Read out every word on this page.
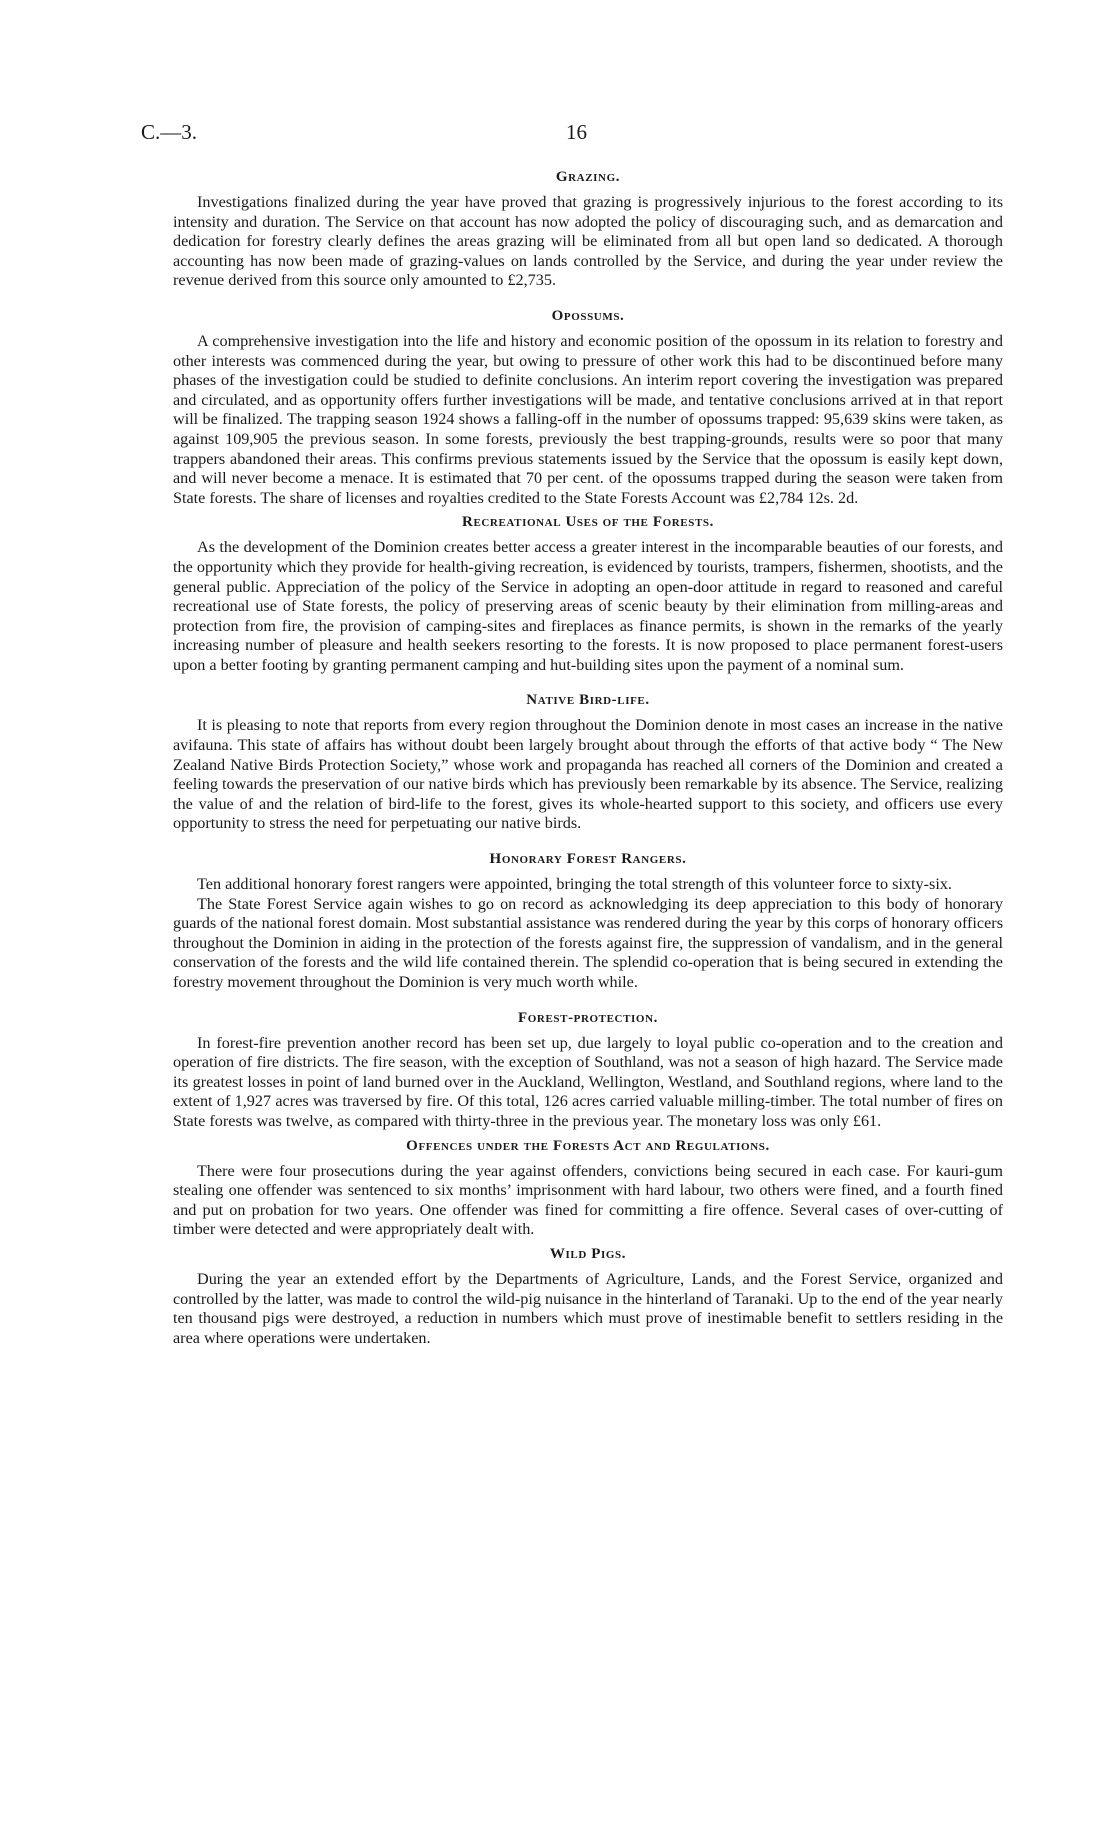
C.—3.	16
Grazing.

Investigations finalized during the year have proved that grazing is progressively injurious to the forest according to its intensity and duration. The Service on that account has now adopted the policy of discouraging such, and as demarcation and dedication for forestry clearly defines the areas grazing will be eliminated from all but open land so dedicated. A thorough accounting has now been made of grazing-values on lands controlled by the Service, and during the year under review the revenue derived from this source only amounted to £2,735.

Opossums.

A comprehensive investigation into the life and history and economic position of the opossum in its relation to forestry and other interests was commenced during the year, but owing to pressure of other work this had to be discontinued before many phases of the investigation could be studied to definite conclusions. An interim report covering the investigation was prepared and circulated, and as opportunity offers further investigations will be made, and tentative conclusions arrived at in that report will be finalized. The trapping season 1924 shows a falling-off in the number of opossums trapped: 95,639 skins were taken, as against 109,905 the previous season. In some forests, previously the best trapping-grounds, results were so poor that many trappers abandoned their areas. This confirms previous statements issued by the Service that the opossum is easily kept down, and will never become a menace. It is estimated that 70 per cent. of the opossums trapped during the season were taken from State forests. The share of licenses and royalties credited to the State Forests Account was £2,784 12s. 2d.

Recreational Uses of the Forests.

As the development of the Dominion creates better access a greater interest in the incomparable beauties of our forests, and the opportunity which they provide for health-giving recreation, is evidenced by tourists, trampers, fishermen, shootists, and the general public. Appreciation of the policy of the Service in adopting an open-door attitude in regard to reasoned and careful recreational use of State forests, the policy of preserving areas of scenic beauty by their elimination from milling-areas and protection from fire, the provision of camping-sites and fireplaces as finance permits, is shown in the remarks of the yearly increasing number of pleasure and health seekers resorting to the forests. It is now proposed to place permanent forest-users upon a better footing by granting permanent camping and hut-building sites upon the payment of a nominal sum.

Native Bird-life.

It is pleasing to note that reports from every region throughout the Dominion denote in most cases an increase in the native avifauna. This state of affairs has without doubt been largely brought about through the efforts of that active body “ The New Zealand Native Birds Protection Society,” whose work and propaganda has reached all corners of the Dominion and created a feeling towards the preservation of our native birds which has previously been remarkable by its absence. The Service, realizing the value of and the relation of bird-life to the forest, gives its whole-hearted support to this society, and officers use every opportunity to stress the need for perpetuating our native birds.

Honorary Forest Rangers.

Ten additional honorary forest rangers were appointed, bringing the total strength of this volunteer force to sixty-six.

The State Forest Service again wishes to go on record as acknowledging its deep appreciation to this body of honorary guards of the national forest domain. Most substantial assistance was rendered during the year by this corps of honorary officers throughout the Dominion in aiding in the protection of the forests against fire, the suppression of vandalism, and in the general conservation of the forests and the wild life contained therein. The splendid co-operation that is being secured in extending the forestry movement throughout the Dominion is very much worth while.

Forest-protection.

In forest-fire prevention another record has been set up, due largely to loyal public co-operation and to the creation and operation of fire districts. The fire season, with the exception of Southland, was not a season of high hazard. The Service made its greatest losses in point of land burned over in the Auckland, Wellington, Westland, and Southland regions, where land to the extent of 1,927 acres was traversed by fire. Of this total, 126 acres carried valuable milling-timber. The total number of fires on State forests was twelve, as compared with thirty-three in the previous year. The monetary loss was only £61.

Offences under the Forests Act and Regulations.

There were four prosecutions during the year against offenders, convictions being secured in each case. For kauri-gum stealing one offender was sentenced to six months’ imprisonment with hard labour, two others were fined, and a fourth fined and put on probation for two years. One offender was fined for committing a fire offence. Several cases of over-cutting of timber were detected and were appropriately dealt with.

Wild Pigs.

During the year an extended effort by the Departments of Agriculture, Lands, and the Forest Service, organized and controlled by the latter, was made to control the wild-pig nuisance in the hinterland of Taranaki. Up to the end of the year nearly ten thousand pigs were destroyed, a reduction in numbers which must prove of inestimable benefit to settlers residing in the area where operations were undertaken.
